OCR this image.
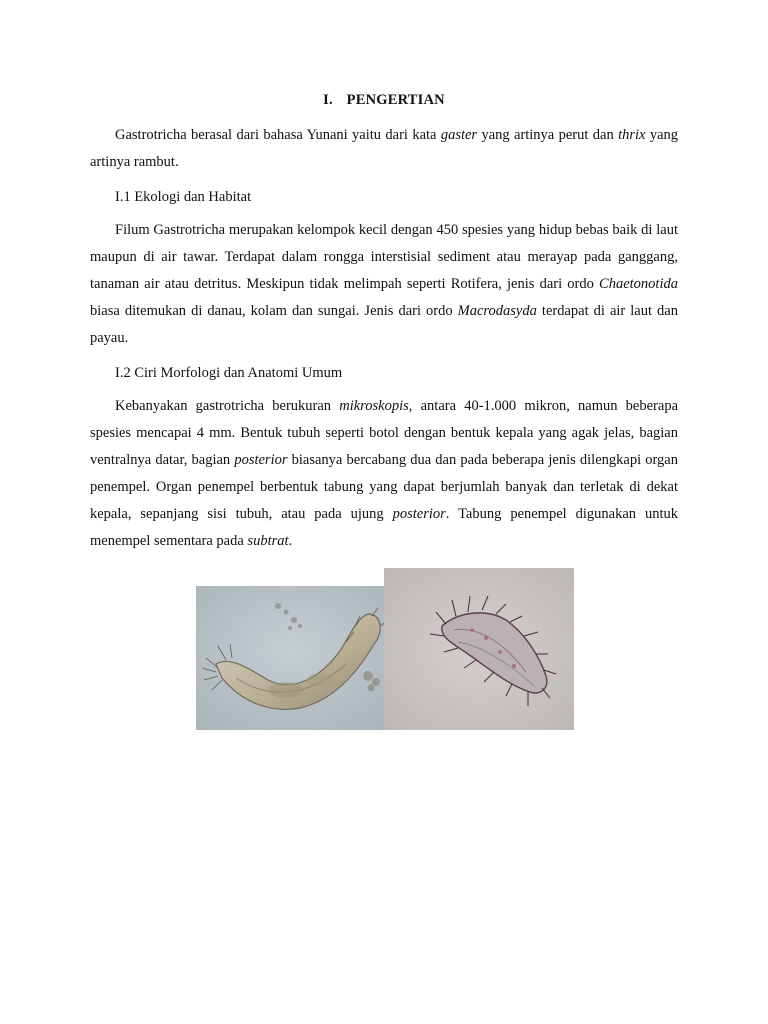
I. PENGERTIAN

Gastrotricha berasal dari bahasa Yunani yaitu dari kata gaster yang artinya perut dan thrix yang artinya rambut.

I.1 Ekologi dan Habitat

Filum Gastrotricha merupakan kelompok kecil dengan 450 spesies yang hidup bebas baik di laut maupun di air tawar. Terdapat dalam rongga interstisial sediment atau merayap pada ganggang, tanaman air atau detritus. Meskipun tidak melimpah seperti Rotifera, jenis dari ordo Chaetonotida biasa ditemukan di danau, kolam dan sungai. Jenis dari ordo Macrodasyda terdapat di air laut dan payau.

I.2 Ciri Morfologi dan Anatomi Umum

Kebanyakan gastrotricha berukuran mikroskopis, antara 40-1.000 mikron, namun beberapa spesies mencapai 4 mm. Bentuk tubuh seperti botol dengan bentuk kepala yang agak jelas, bagian ventralnya datar, bagian posterior biasanya bercabang dua dan pada beberapa jenis dilengkapi organ penempel. Organ penempel berbentuk tabung yang dapat berjumlah banyak dan terletak di dekat kepala, sepanjang sisi tubuh, atau pada ujung posterior. Tabung penempel digunakan untuk menempel sementara pada subtrat.
